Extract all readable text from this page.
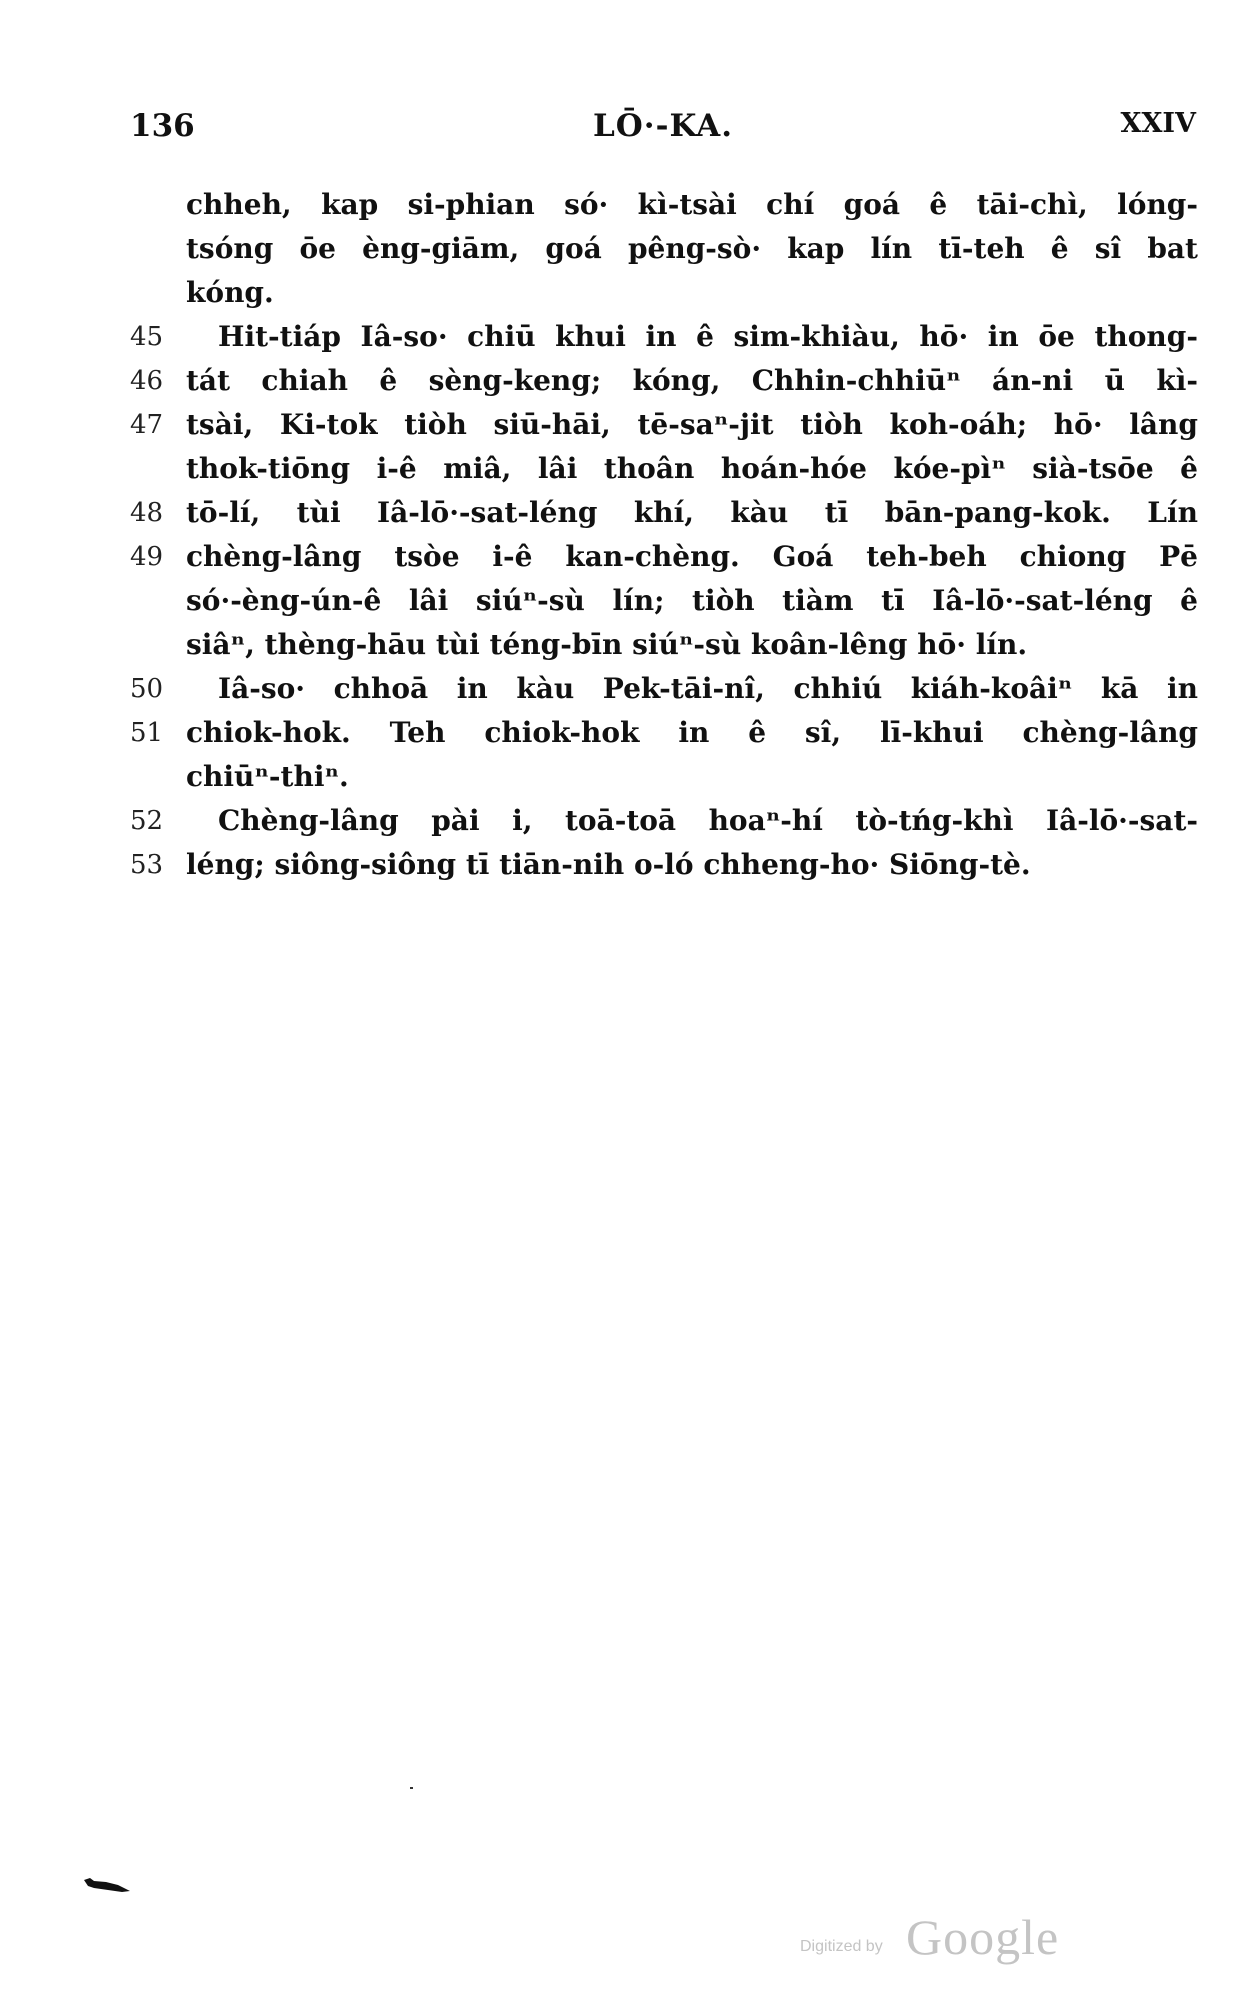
136	LŌ·-KA.	XXIV
chheh, kap si-phian só· kì-tsài chí goá ê tāi-chì, lóng-
tsóng ōe èng-giām, goá pêng-sò· kap lín tī-teh ê sî bat
kóng.
45	Hit-tiáp Iâ-so· chiū khui in ê sim-khiàu, hō· in ōe thong-
46 tát chiah ê sèng-keng; kóng, Chhin-chhiūⁿ án-ni ū kì-
47 tsài, Ki-tok tiòh siū-hāi, tē-saⁿ-jit tiòh koh-oáh; hō· lâng
thok-tiōng i-ê miâ, lâi thoân hoán-hóe kóe-pìⁿ sià-tsōe ê
48 tō-lí, tùi Iâ-lō·-sat-léng khí, kàu tī bān-pang-kok. Lín
49 chèng-lâng tsòe i-ê kan-chèng. Goá teh-beh chiong Pē
só·-èng-ún-ê lâi siúⁿ-sù lín; tiòh tiàm tī Iâ-lō·-sat-léng ê
siâⁿ, thèng-hāu tùi téng-bīn siúⁿ-sù koân-lêng hō· lín.
50	Iâ-so· chhoā in kàu Pek-tāi-nî, chhiú kiáh-koâiⁿ kā in
51 chiok-hok. Teh chiok-hok in ê sî, lī-khui chèng-lâng
chiūⁿ-thiⁿ.
52	Chèng-lâng pài i, toā-toā hoaⁿ-hí tò-tńg-khì Iâ-lō·-sat-
53 léng; siông-siông tī tiān-nih o-ló chheng-ho· Siōng-tè.
Digitized by Google
